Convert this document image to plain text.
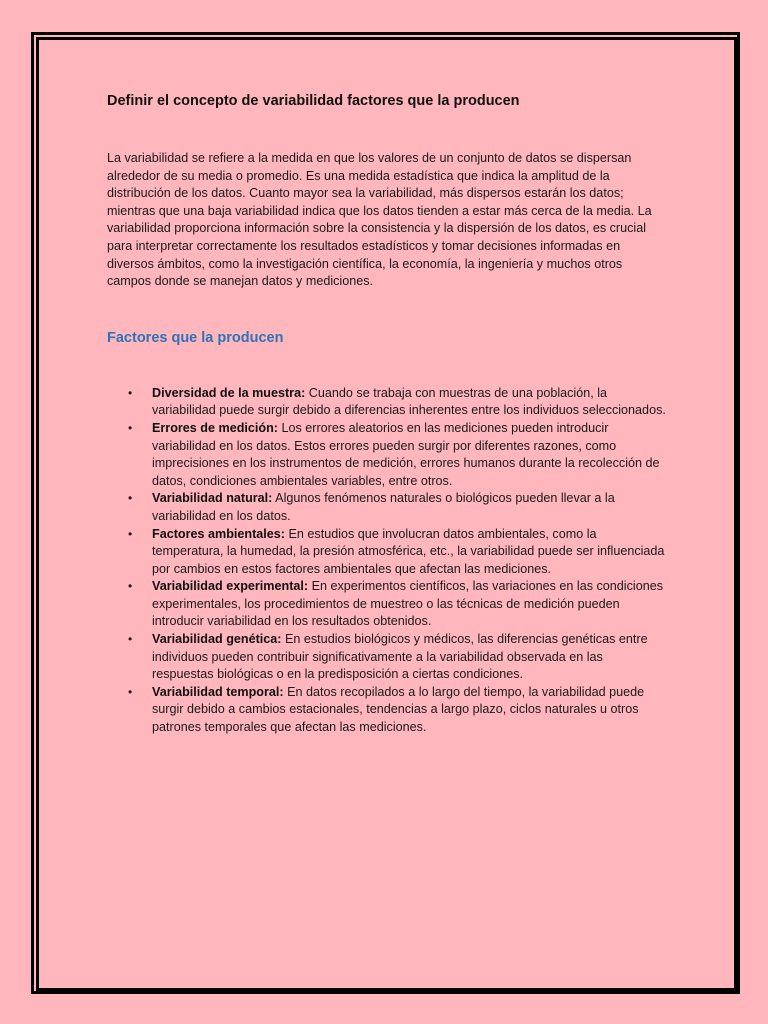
Definir el concepto de variabilidad factores que la producen

La variabilidad se refiere a la medida en que los valores de un conjunto de datos se dispersan alrededor de su media o promedio. Es una medida estadística que indica la amplitud de la distribución de los datos. Cuanto mayor sea la variabilidad, más dispersos estarán los datos; mientras que una baja variabilidad indica que los datos tienden a estar más cerca de la media. La variabilidad proporciona información sobre la consistencia y la dispersión de los datos, es crucial para interpretar correctamente los resultados estadísticos y tomar decisiones informadas en diversos ámbitos, como la investigación científica, la economía, la ingeniería y muchos otros campos donde se manejan datos y mediciones.

Factores que la producen
• Diversidad de la muestra: Cuando se trabaja con muestras de una población, la variabilidad puede surgir debido a diferencias inherentes entre los individuos seleccionados.
• Errores de medición: Los errores aleatorios en las mediciones pueden introducir variabilidad en los datos. Estos errores pueden surgir por diferentes razones, como imprecisiones en los instrumentos de medición, errores humanos durante la recolección de datos, condiciones ambientales variables, entre otros.
• Variabilidad natural: Algunos fenómenos naturales o biológicos pueden llevar a la variabilidad en los datos.
• Factores ambientales: En estudios que involucran datos ambientales, como la temperatura, la humedad, la presión atmosférica, etc., la variabilidad puede ser influenciada por cambios en estos factores ambientales que afectan las mediciones.
• Variabilidad experimental: En experimentos científicos, las variaciones en las condiciones experimentales, los procedimientos de muestreo o las técnicas de medición pueden introducir variabilidad en los resultados obtenidos.
• Variabilidad genética: En estudios biológicos y médicos, las diferencias genéticas entre individuos pueden contribuir significativamente a la variabilidad observada en las respuestas biológicas o en la predisposición a ciertas condiciones.
• Variabilidad temporal: En datos recopilados a lo largo del tiempo, la variabilidad puede surgir debido a cambios estacionales, tendencias a largo plazo, ciclos naturales u otros patrones temporales que afectan las mediciones.
